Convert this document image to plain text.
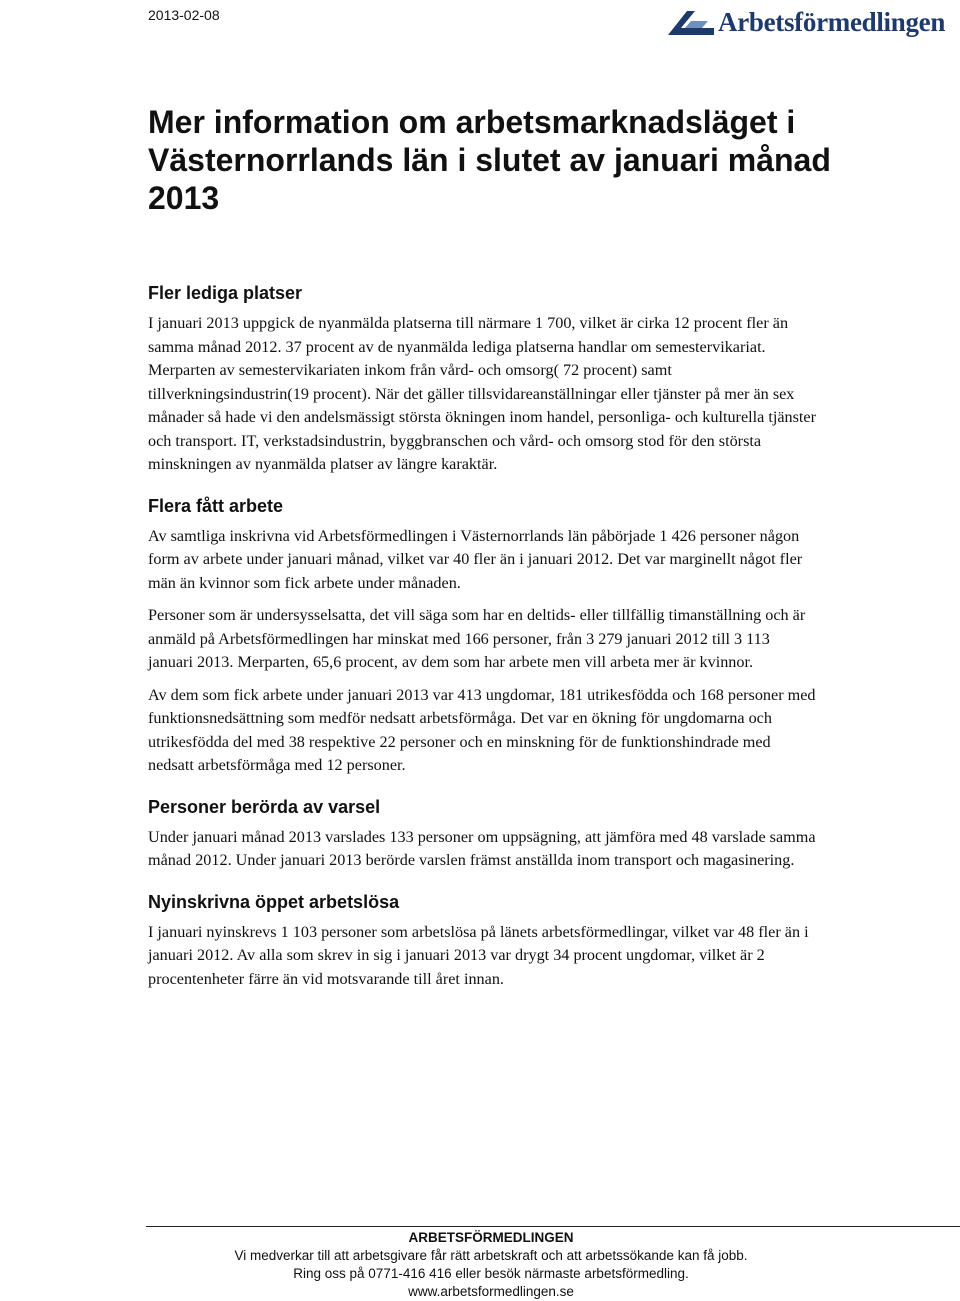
2013-02-08	Arbetsförmedlingen
Mer information om arbetsmarknadsläget i Västernorrlands län i slutet av januari månad 2013
Fler lediga platser

I januari 2013 uppgick de nyanmälda platserna till närmare 1 700, vilket är cirka 12 procent fler än samma månad 2012. 37 procent av de nyanmälda lediga platserna handlar om semestervikariat. Merparten av semestervikariaten inkom från vård- och omsorg( 72 procent) samt tillverkningsindustrin(19 procent). När det gäller tillsvidareanställningar eller tjänster på mer än sex månader så hade vi den andelsmässigt största ökningen inom handel, personliga- och kulturella tjänster och transport. IT, verkstadsindustrin, byggbranschen och vård- och omsorg stod för den största minskningen av nyanmälda platser av längre karaktär.

Flera fått arbete

Av samtliga inskrivna vid Arbetsförmedlingen i Västernorrlands län påbörjade 1 426 personer någon form av arbete under januari månad, vilket var 40 fler än i januari 2012. Det var marginellt något fler män än kvinnor som fick arbete under månaden.

Personer som är undersysselsatta, det vill säga som har en deltids- eller tillfällig timanställning och är anmäld på Arbetsförmedlingen har minskat med 166 personer, från 3 279 januari 2012 till 3 113 januari 2013. Merparten, 65,6 procent, av dem som har arbete men vill arbeta mer är kvinnor.

Av dem som fick arbete under januari 2013 var 413 ungdomar, 181 utrikesfödda och 168 personer med funktionsnedsättning som medför nedsatt arbetsförmåga. Det var en ökning för ungdomarna och utrikesfödda del med 38 respektive 22 personer och en minskning för de funktionshindrade med nedsatt arbetsförmåga med 12 personer.

Personer berörda av varsel

Under januari månad 2013 varslades 133 personer om uppsägning, att jämföra med 48 varslade samma månad 2012. Under januari 2013 berörde varslen främst anställda inom transport och magasinering.

Nyinskrivna öppet arbetslösa

I januari nyinskrevs 1 103 personer som arbetslösa på länets arbetsförmedlingar, vilket var 48 fler än i januari 2012. Av alla som skrev in sig i januari 2013 var drygt 34 procent ungdomar, vilket är 2 procentenheter färre än vid motsvarande till året innan.

ARBETSFÖRMEDLINGEN
Vi medverkar till att arbetsgivare får rätt arbetskraft och att arbetssökande kan få jobb.
Ring oss på 0771-416 416 eller besök närmaste arbetsförmedling.
www.arbetsformedlingen.se
